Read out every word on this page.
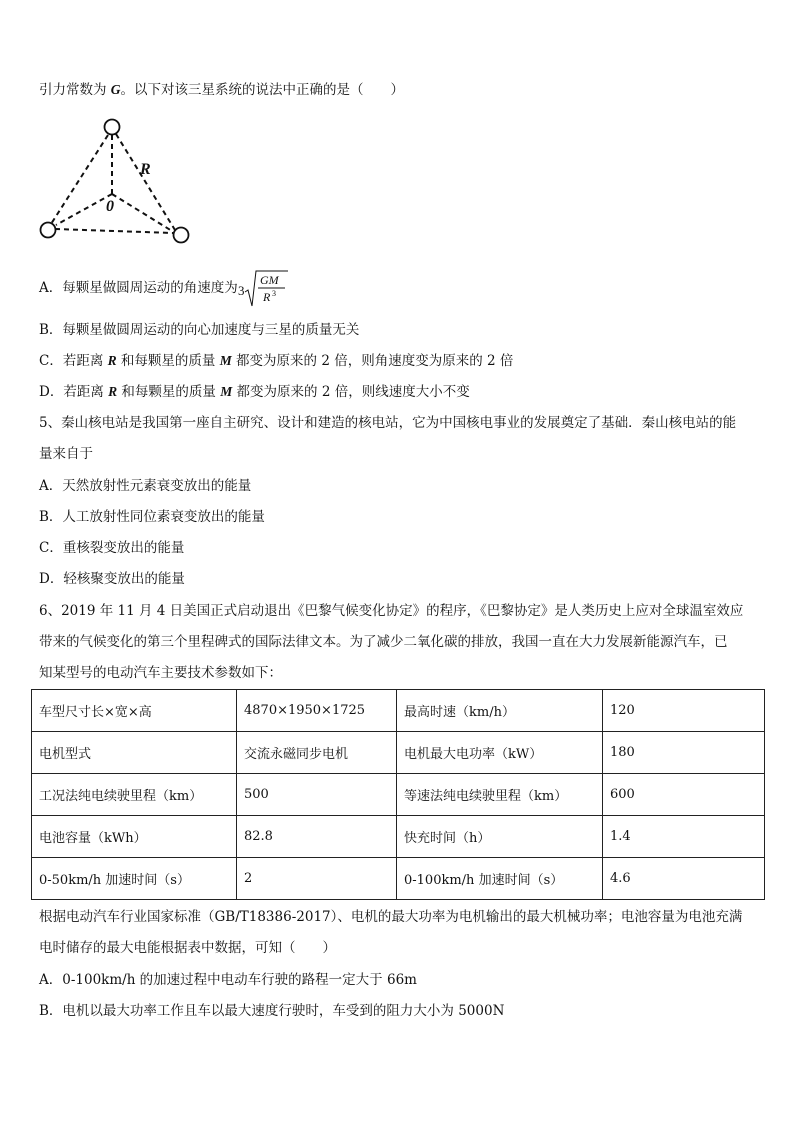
引力常数为 G。以下对该三星系统的说法中正确的是（　　）
R
0
A．每颗星做圆周运动的角速度为 3
GM
R 3
B．每颗星做圆周运动的向心加速度与三星的质量无关
C．若距离 R 和每颗星的质量 M 都变为原来的 2 倍，则角速度变为原来的 2 倍
D．若距离 R 和每颗星的质量 M 都变为原来的 2 倍，则线速度大小不变
5、秦山核电站是我国第一座自主研究、设计和建造的核电站，它为中国核电事业的发展奠定了基础．秦山核电站的能
量来自于
A．天然放射性元素衰变放出的能量
B．人工放射性同位素衰变放出的能量
C．重核裂变放出的能量
D．轻核聚变放出的能量
6、2019 年 11 月 4 日美国正式启动退出《巴黎气候变化协定》的程序，《巴黎协定》是人类历史上应对全球温室效应
带来的气候变化的第三个里程碑式的国际法律文本。为了减少二氧化碳的排放，我国一直在大力发展新能源汽车，已
知某型号的电动汽车主要技术参数如下：
车型尺寸长×宽×高	4870×1950×1725	最高时速（km/h）	120
电机型式	交流永磁同步电机	电机最大电功率（kW）	180
工况法纯电续驶里程（km）	500	等速法纯电续驶里程（km）	600
电池容量（kWh）	82.8	快充时间（h）	1.4
0-50km/h 加速时间（s）	2	0-100km/h 加速时间（s）	4.6
根据电动汽车行业国家标准（GB/T18386-2017）、电机的最大功率为电机输出的最大机械功率；电池容量为电池充满
电时储存的最大电能根据表中数据，可知（　　）
A．0-100km/h 的加速过程中电动车行驶的路程一定大于 66m
B．电机以最大功率工作且车以最大速度行驶时，车受到的阻力大小为 5000N
